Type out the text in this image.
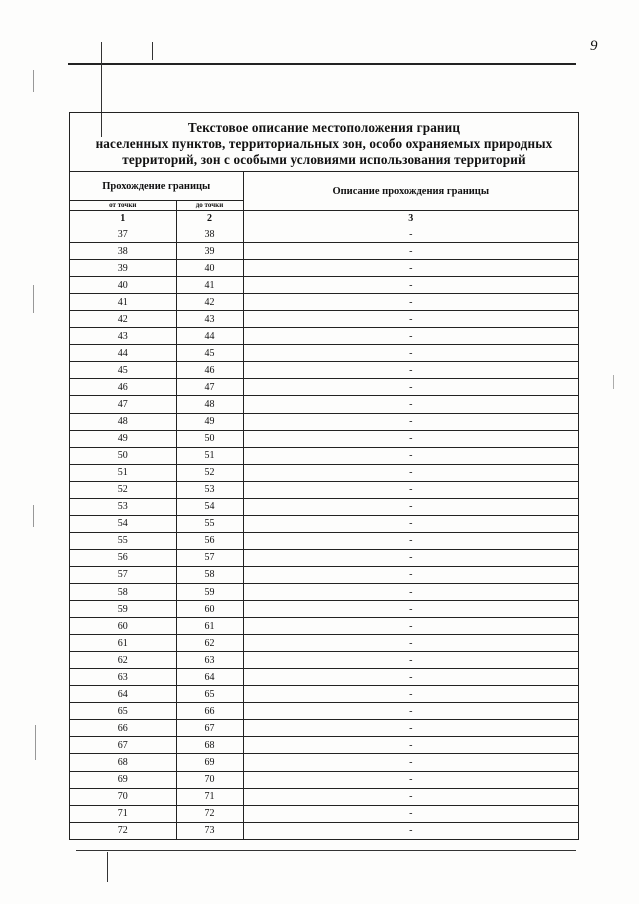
9
Текстовое описание местоположения границ
населенных пунктов, территориальных зон, особо охраняемых природных
территорий, зон с особыми условиями использования территорий
Прохождение границы		Описание прохождения границы
от точки	до точки	
1	2	3
37	38	-
38	39	-
39	40	-
40	41	-
41	42	-
42	43	-
43	44	-
44	45	-
45	46	-
46	47	-
47	48	-
48	49	-
49	50	-
50	51	-
51	52	-
52	53	-
53	54	-
54	55	-
55	56	-
56	57	-
57	58	-
58	59	-
59	60	-
60	61	-
61	62	-
62	63	-
63	64	-
64	65	-
65	66	-
66	67	-
67	68	-
68	69	-
69	70	-
70	71	-
71	72	-
72	73	-
